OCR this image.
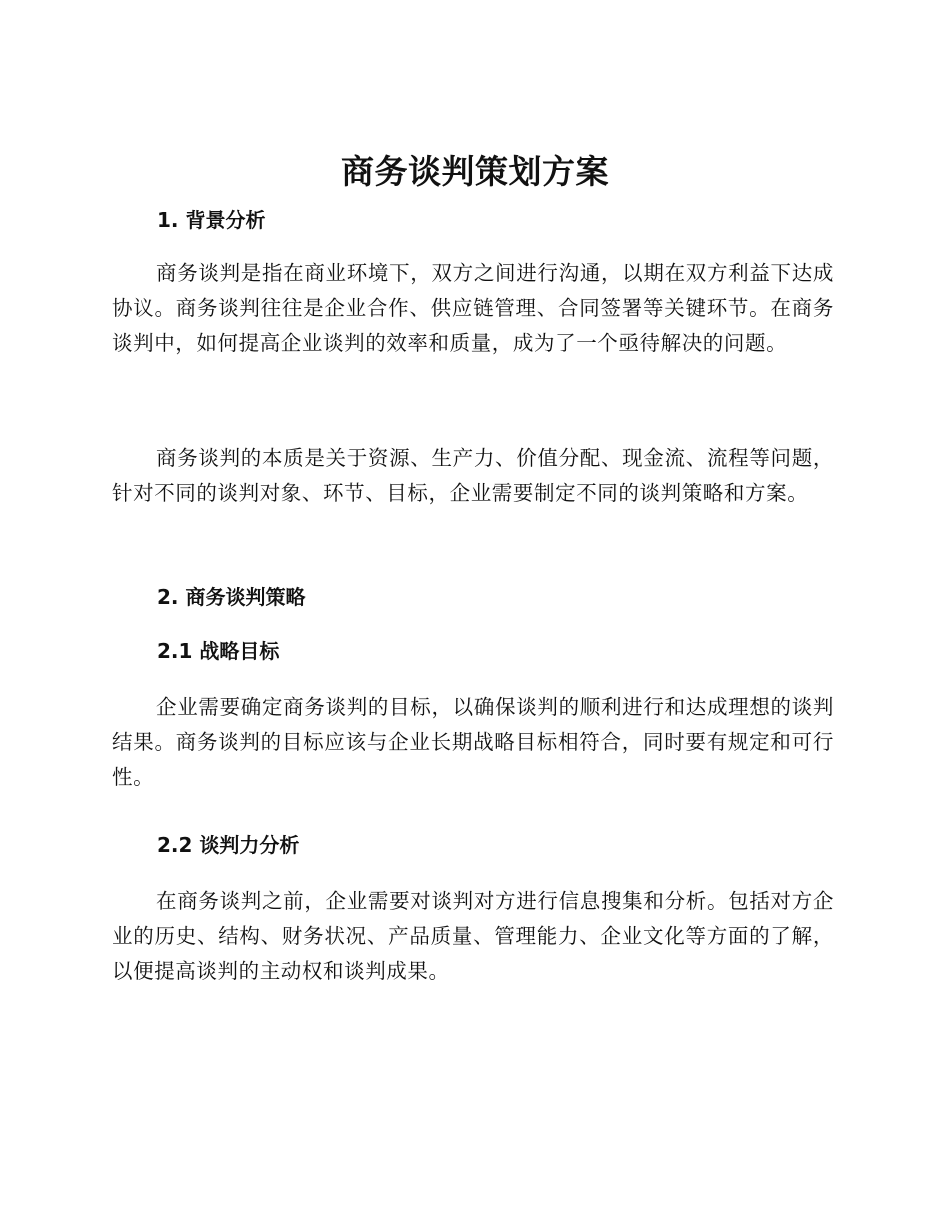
商务谈判策划方案
1. 背景分析

商务谈判是指在商业环境下，双方之间进行沟通，以期在双方利益下达成协议。商务谈判往往是企业合作、供应链管理、合同签署等关键环节。在商务谈判中，如何提高企业谈判的效率和质量，成为了一个亟待解决的问题。

商务谈判的本质是关于资源、生产力、价值分配、现金流、流程等问题，针对不同的谈判对象、环节、目标，企业需要制定不同的谈判策略和方案。

2. 商务谈判策略
2.1 战略目标

企业需要确定商务谈判的目标，以确保谈判的顺利进行和达成理想的谈判结果。商务谈判的目标应该与企业长期战略目标相符合，同时要有规定和可行性。

2.2 谈判力分析

在商务谈判之前，企业需要对谈判对方进行信息搜集和分析。包括对方企业的历史、结构、财务状况、产品质量、管理能力、企业文化等方面的了解，以便提高谈判的主动权和谈判成果。
